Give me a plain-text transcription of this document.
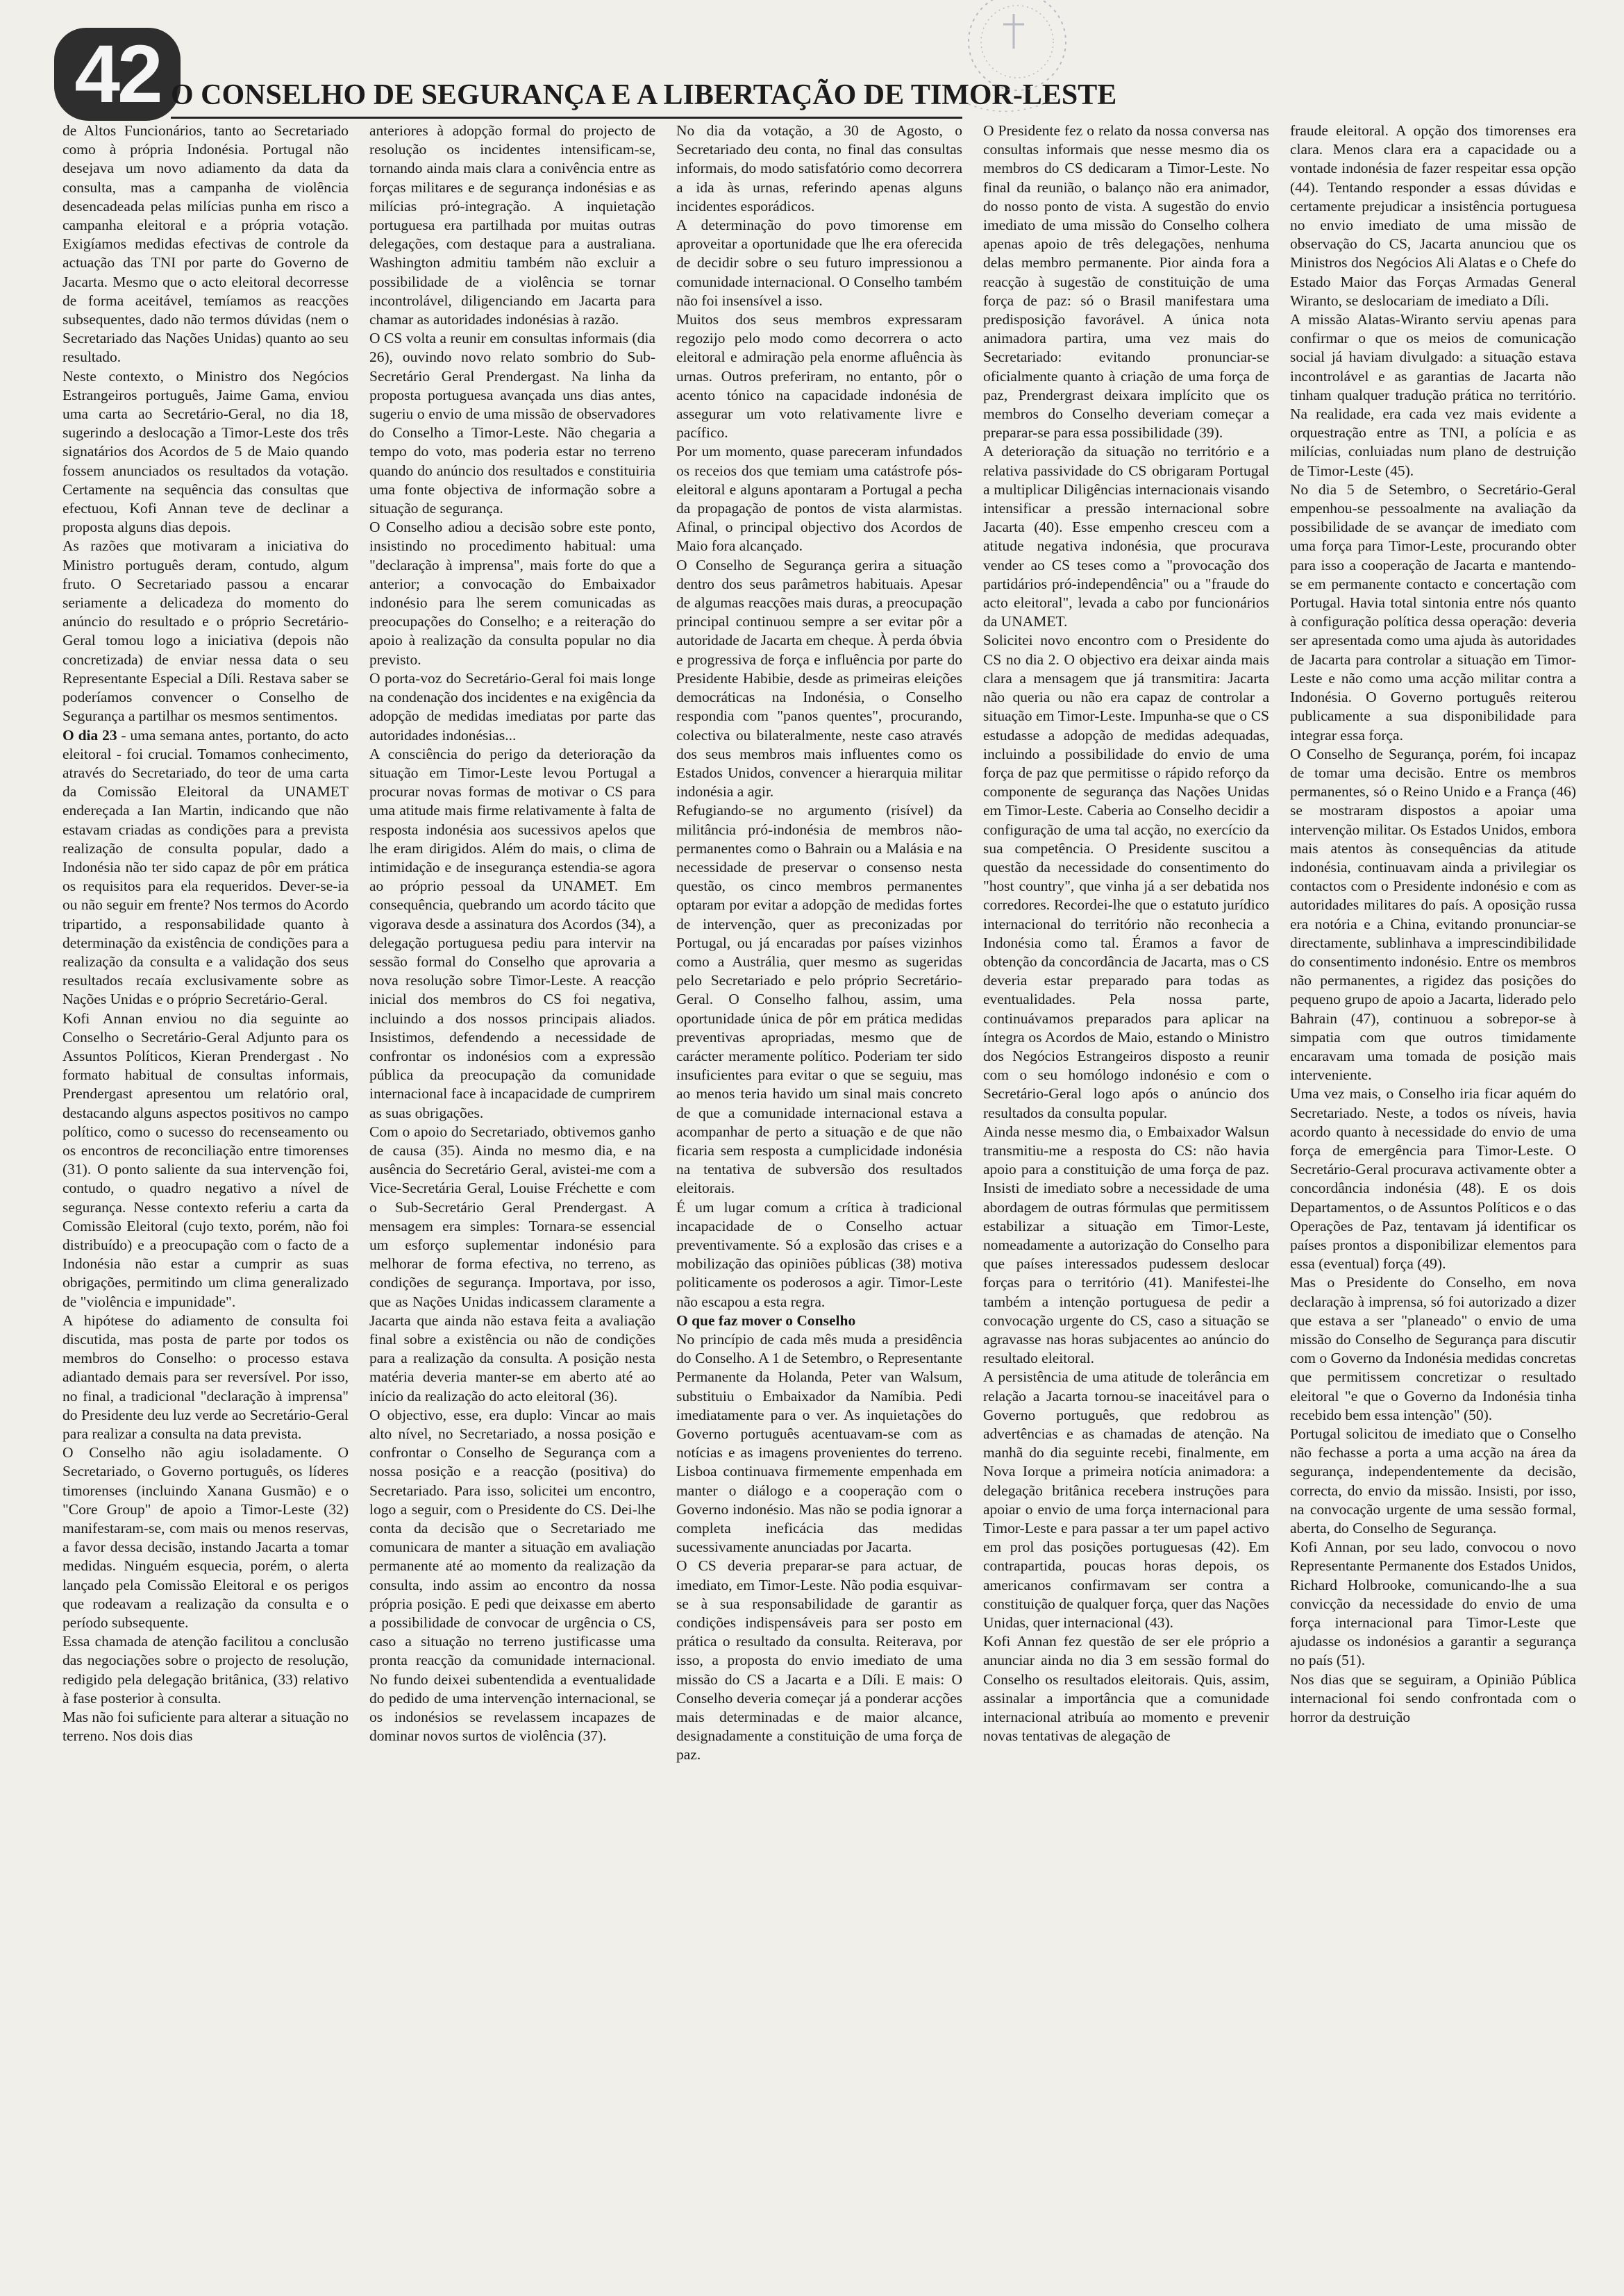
42 O CONSELHO DE SEGURANÇA E A LIBERTAÇÃO DE TIMOR-LESTE

de Altos Funcionários, tanto ao Secretariado como à própria Indonésia. Portugal não desejava um novo adiamento da data da consulta, mas a campanha de violência desencadeada pelas milícias punha em risco a campanha eleitoral e a própria votação. Exigíamos medidas efectivas de controle da actuação das TNI por parte do Governo de Jacarta. Mesmo que o acto eleitoral decorresse de forma aceitável, temíamos as reacções subsequentes, dado não termos dúvidas (nem o Secretariado das Nações Unidas) quanto ao seu resultado.

Neste contexto, o Ministro dos Negócios Estrangeiros português, Jaime Gama, enviou uma carta ao Secretário-Geral, no dia 18, sugerindo a deslocação a Timor-Leste dos três signatários dos Acordos de 5 de Maio quando fossem anunciados os resultados da votação. Certamente na sequência das consultas que efectuou, Kofi Annan teve de declinar a proposta alguns dias depois.

As razões que motivaram a iniciativa do Ministro português deram, contudo, algum fruto. O Secretariado passou a encarar seriamente a delicadeza do momento do anúncio do resultado e o próprio Secretário-Geral tomou logo a iniciativa (depois não concretizada) de enviar nessa data o seu Representante Especial a Díli. Restava saber se poderíamos convencer o Conselho de Segurança a partilhar os mesmos sentimentos.

O dia 23 - uma semana antes, portanto, do acto eleitoral - foi crucial. Tomamos conhecimento, através do Secretariado, do teor de uma carta da Comissão Eleitoral da UNAMET endereçada a Ian Martin, indicando que não estavam criadas as condições para a prevista realização de consulta popular, dado a Indonésia não ter sido capaz de pôr em prática os requisitos para ela requeridos. Dever-se-ia ou não seguir em frente? Nos termos do Acordo tripartido, a responsabilidade quanto à determinação da existência de condições para a realização da consulta e a validação dos seus resultados recaía exclusivamente sobre as Nações Unidas e o próprio Secretário-Geral.

Kofi Annan enviou no dia seguinte ao Conselho o Secretário-Geral Adjunto para os Assuntos Políticos, Kieran Prendergast . No formato habitual de consultas informais, Prendergast apresentou um relatório oral, destacando alguns aspectos positivos no campo político, como o sucesso do recenseamento ou os encontros de reconciliação entre timorenses (31). O ponto saliente da sua intervenção foi, contudo, o quadro negativo a nível de segurança. Nesse contexto referiu a carta da Comissão Eleitoral (cujo texto, porém, não foi distribuído) e a preocupação com o facto de a Indonésia não estar a cumprir as suas obrigações, permitindo um clima generalizado de "violência e impunidade".

A hipótese do adiamento de consulta foi discutida, mas posta de parte por todos os membros do Conselho: o processo estava adiantado demais para ser reversível. Por isso, no final, a tradicional "declaração à imprensa" do Presidente deu luz verde ao Secretário-Geral para realizar a consulta na data prevista.

O Conselho não agiu isoladamente. O Secretariado, o Governo português, os líderes timorenses (incluindo Xanana Gusmão) e o "Core Group" de apoio a Timor-Leste (32) manifestaram-se, com mais ou menos reservas, a favor dessa decisão, instando Jacarta a tomar medidas. Ninguém esquecia, porém, o alerta lançado pela Comissão Eleitoral e os perigos que rodeavam a realização da consulta e o período subsequente.

Essa chamada de atenção facilitou a conclusão das negociações sobre o projecto de resolução, redigido pela delegação britânica, (33) relativo à fase posterior à consulta.

Mas não foi suficiente para alterar a situação no terreno. Nos dois dias

anteriores à adopção formal do projecto de resolução os incidentes intensificam-se, tornando ainda mais clara a conivência entre as forças militares e de segurança indonésias e as milícias pró-integração. A inquietação portuguesa era partilhada por muitas outras delegações, com destaque para a australiana. Washington admitiu também não excluir a possibilidade de a violência se tornar incontrolável, diligenciando em Jacarta para chamar as autoridades indonésias à razão.

O CS volta a reunir em consultas informais (dia 26), ouvindo novo relato sombrio do Sub-Secretário Geral Prendergast. Na linha da proposta portuguesa avançada uns dias antes, sugeriu o envio de uma missão de observadores do Conselho a Timor-Leste. Não chegaria a tempo do voto, mas poderia estar no terreno quando do anúncio dos resultados e constituiria uma fonte objectiva de informação sobre a situação de segurança.

O Conselho adiou a decisão sobre este ponto, insistindo no procedimento habitual: uma "declaração à imprensa", mais forte do que a anterior; a convocação do Embaixador indonésio para lhe serem comunicadas as preocupações do Conselho; e a reiteração do apoio à realização da consulta popular no dia previsto.

O porta-voz do Secretário-Geral foi mais longe na condenação dos incidentes e na exigência da adopção de medidas imediatas por parte das autoridades indonésias...

A consciência do perigo da deterioração da situação em Timor-Leste levou Portugal a procurar novas formas de motivar o CS para uma atitude mais firme relativamente à falta de resposta indonésia aos sucessivos apelos que lhe eram dirigidos. Além do mais, o clima de intimidação e de insegurança estendia-se agora ao próprio pessoal da UNAMET. Em consequência, quebrando um acordo tácito que vigorava desde a assinatura dos Acordos (34), a delegação portuguesa pediu para intervir na sessão formal do Conselho que aprovaria a nova resolução sobre Timor-Leste. A reacção inicial dos membros do CS foi negativa, incluindo a dos nossos principais aliados. Insistimos, defendendo a necessidade de confrontar os indonésios com a expressão pública da preocupação da comunidade internacional face à incapacidade de cumprirem as suas obrigações.

Com o apoio do Secretariado, obtivemos ganho de causa (35). Ainda no mesmo dia, e na ausência do Secretário Geral, avistei-me com a Vice-Secretária Geral, Louise Fréchette e com o Sub-Secretário Geral Prendergast. A mensagem era simples: Tornara-se essencial um esforço suplementar indonésio para melhorar de forma efectiva, no terreno, as condições de segurança. Importava, por isso, que as Nações Unidas indicassem claramente a Jacarta que ainda não estava feita a avaliação final sobre a existência ou não de condições para a realização da consulta. A posição nesta matéria deveria manter-se em aberto até ao início da realização do acto eleitoral (36).

O objectivo, esse, era duplo: Vincar ao mais alto nível, no Secretariado, a nossa posição e confrontar o Conselho de Segurança com a nossa posição e a reacção (positiva) do Secretariado. Para isso, solicitei um encontro, logo a seguir, com o Presidente do CS. Dei-lhe conta da decisão que o Secretariado me comunicara de manter a situação em avaliação permanente até ao momento da realização da consulta, indo assim ao encontro da nossa própria posição. E pedi que deixasse em aberto a possibilidade de convocar de urgência o CS, caso a situação no terreno justificasse uma pronta reacção da comunidade internacional. No fundo deixei subentendida a eventualidade do pedido de uma intervenção internacional, se os indonésios se revelassem incapazes de dominar novos surtos de violência (37).

No dia da votação, a 30 de Agosto, o Secretariado deu conta, no final das consultas informais, do modo satisfatório como decorrera a ida às urnas, referindo apenas alguns incidentes esporádicos.

A determinação do povo timorense em aproveitar a oportunidade que lhe era oferecida de decidir sobre o seu futuro impressionou a comunidade internacional. O Conselho também não foi insensível a isso.

Muitos dos seus membros expressaram regozijo pelo modo como decorrera o acto eleitoral e admiração pela enorme afluência às urnas. Outros preferiram, no entanto, pôr o acento tónico na capacidade indonésia de assegurar um voto relativamente livre e pacífico.

Por um momento, quase pareceram infundados os receios dos que temiam uma catástrofe pós-eleitoral e alguns apontaram a Portugal a pecha da propagação de pontos de vista alarmistas. Afinal, o principal objectivo dos Acordos de Maio fora alcançado.

O Conselho de Segurança gerira a situação dentro dos seus parâmetros habituais. Apesar de algumas reacções mais duras, a preocupação principal continuou sempre a ser evitar pôr a autoridade de Jacarta em cheque. À perda óbvia e progressiva de força e influência por parte do Presidente Habibie, desde as primeiras eleições democráticas na Indonésia, o Conselho respondia com "panos quentes", procurando, colectiva ou bilateralmente, neste caso através dos seus membros mais influentes como os Estados Unidos, convencer a hierarquia militar indonésia a agir.

Refugiando-se no argumento (risível) da militância pró-indonésia de membros não-permanentes como o Bahrain ou a Malásia e na necessidade de preservar o consenso nesta questão, os cinco membros permanentes optaram por evitar a adopção de medidas fortes de intervenção, quer as preconizadas por Portugal, ou já encaradas por países vizinhos como a Austrália, quer mesmo as sugeridas pelo Secretariado e pelo próprio Secretário-Geral. O Conselho falhou, assim, uma oportunidade única de pôr em prática medidas preventivas apropriadas, mesmo que de carácter meramente político. Poderiam ter sido insuficientes para evitar o que se seguiu, mas ao menos teria havido um sinal mais concreto de que a comunidade internacional estava a acompanhar de perto a situação e de que não ficaria sem resposta a cumplicidade indonésia na tentativa de subversão dos resultados eleitorais.

É um lugar comum a crítica à tradicional incapacidade de o Conselho actuar preventivamente. Só a explosão das crises e a mobilização das opiniões públicas (38) motiva politicamente os poderosos a agir. Timor-Leste não escapou a esta regra.

O que faz mover o Conselho

No princípio de cada mês muda a presidência do Conselho. A 1 de Setembro, o Representante Permanente da Holanda, Peter van Walsum, substituiu o Embaixador da Namíbia. Pedi imediatamente para o ver. As inquietações do Governo português acentuavam-se com as notícias e as imagens provenientes do terreno. Lisboa continuava firmemente empenhada em manter o diálogo e a cooperação com o Governo indonésio. Mas não se podia ignorar a completa ineficácia das medidas sucessivamente anunciadas por Jacarta.

O CS deveria preparar-se para actuar, de imediato, em Timor-Leste. Não podia esquivar-se à sua responsabilidade de garantir as condições indispensáveis para ser posto em prática o resultado da consulta. Reiterava, por isso, a proposta do envio imediato de uma missão do CS a Jacarta e a Díli. E mais: O Conselho deveria começar já a ponderar acções mais determinadas e de maior alcance, designadamente a constituição de uma força de paz.

O Presidente fez o relato da nossa conversa nas consultas informais que nesse mesmo dia os membros do CS dedicaram a Timor-Leste. No final da reunião, o balanço não era animador, do nosso ponto de vista. A sugestão do envio imediato de uma missão do Conselho colhera apenas apoio de três delegações, nenhuma delas membro permanente. Pior ainda fora a reacção à sugestão de constituição de uma força de paz: só o Brasil manifestara uma predisposição favorável. A única nota animadora partira, uma vez mais do Secretariado: evitando pronunciar-se oficialmente quanto à criação de uma força de paz, Prendergrast deixara implícito que os membros do Conselho deveriam começar a preparar-se para essa possibilidade (39).

A deterioração da situação no território e a relativa passividade do CS obrigaram Portugal a multiplicar Diligências internacionais visando intensificar a pressão internacional sobre Jacarta (40). Esse empenho cresceu com a atitude negativa indonésia, que procurava vender ao CS teses como a "provocação dos partidários pró-independência" ou a "fraude do acto eleitoral", levada a cabo por funcionários da UNAMET.

Solicitei novo encontro com o Presidente do CS no dia 2. O objectivo era deixar ainda mais clara a mensagem que já transmitira: Jacarta não queria ou não era capaz de controlar a situação em Timor-Leste. Impunha-se que o CS estudasse a adopção de medidas adequadas, incluindo a possibilidade do envio de uma força de paz que permitisse o rápido reforço da componente de segurança das Nações Unidas em Timor-Leste. Caberia ao Conselho decidir a configuração de uma tal acção, no exercício da sua competência. O Presidente suscitou a questão da necessidade do consentimento do "host country", que vinha já a ser debatida nos corredores. Recordei-lhe que o estatuto jurídico internacional do território não reconhecia a Indonésia como tal. Éramos a favor de obtenção da concordância de Jacarta, mas o CS deveria estar preparado para todas as eventualidades. Pela nossa parte, continuávamos preparados para aplicar na íntegra os Acordos de Maio, estando o Ministro dos Negócios Estrangeiros disposto a reunir com o seu homólogo indonésio e com o Secretário-Geral logo após o anúncio dos resultados da consulta popular.

Ainda nesse mesmo dia, o Embaixador Walsun transmitiu-me a resposta do CS: não havia apoio para a constituição de uma força de paz. Insisti de imediato sobre a necessidade de uma abordagem de outras fórmulas que permitissem estabilizar a situação em Timor-Leste, nomeadamente a autorização do Conselho para que países interessados pudessem deslocar forças para o território (41). Manifestei-lhe também a intenção portuguesa de pedir a convocação urgente do CS, caso a situação se agravasse nas horas subjacentes ao anúncio do resultado eleitoral.

A persistência de uma atitude de tolerância em relação a Jacarta tornou-se inaceitável para o Governo português, que redobrou as advertências e as chamadas de atenção. Na manhã do dia seguinte recebi, finalmente, em Nova Iorque a primeira notícia animadora: a delegação britânica recebera instruções para apoiar o envio de uma força internacional para Timor-Leste e para passar a ter um papel activo em prol das posições portuguesas (42). Em contrapartida, poucas horas depois, os americanos confirmavam ser contra a constituição de qualquer força, quer das Nações Unidas, quer internacional (43).

Kofi Annan fez questão de ser ele próprio a anunciar ainda no dia 3 em sessão formal do Conselho os resultados eleitorais. Quis, assim, assinalar a importância que a comunidade internacional atribuía ao momento e prevenir novas tentativas de alegação de

fraude eleitoral. A opção dos timorenses era clara. Menos clara era a capacidade ou a vontade indonésia de fazer respeitar essa opção (44). Tentando responder a essas dúvidas e certamente prejudicar a insistência portuguesa no envio imediato de uma missão de observação do CS, Jacarta anunciou que os Ministros dos Negócios Ali Alatas e o Chefe do Estado Maior das Forças Armadas General Wiranto, se deslocariam de imediato a Díli.

A missão Alatas-Wiranto serviu apenas para confirmar o que os meios de comunicação social já haviam divulgado: a situação estava incontrolável e as garantias de Jacarta não tinham qualquer tradução prática no território. Na realidade, era cada vez mais evidente a orquestração entre as TNI, a polícia e as milícias, conluiadas num plano de destruição de Timor-Leste (45).

No dia 5 de Setembro, o Secretário-Geral empenhou-se pessoalmente na avaliação da possibilidade de se avançar de imediato com uma força para Timor-Leste, procurando obter para isso a cooperação de Jacarta e mantendo-se em permanente contacto e concertação com Portugal. Havia total sintonia entre nós quanto à configuração política dessa operação: deveria ser apresentada como uma ajuda às autoridades de Jacarta para controlar a situação em Timor-Leste e não como uma acção militar contra a Indonésia. O Governo português reiterou publicamente a sua disponibilidade para integrar essa força.

O Conselho de Segurança, porém, foi incapaz de tomar uma decisão. Entre os membros permanentes, só o Reino Unido e a França (46) se mostraram dispostos a apoiar uma intervenção militar. Os Estados Unidos, embora mais atentos às consequências da atitude indonésia, continuavam ainda a privilegiar os contactos com o Presidente indonésio e com as autoridades militares do país. A oposição russa era notória e a China, evitando pronunciar-se directamente, sublinhava a imprescindibilidade do consentimento indonésio. Entre os membros não permanentes, a rigidez das posições do pequeno grupo de apoio a Jacarta, liderado pelo Bahrain (47), continuou a sobrepor-se à simpatia com que outros timidamente encaravam uma tomada de posição mais interveniente.

Uma vez mais, o Conselho iria ficar aquém do Secretariado. Neste, a todos os níveis, havia acordo quanto à necessidade do envio de uma força de emergência para Timor-Leste. O Secretário-Geral procurava activamente obter a concordância indonésia (48). E os dois Departamentos, o de Assuntos Políticos e o das Operações de Paz, tentavam já identificar os países prontos a disponibilizar elementos para essa (eventual) força (49).

Mas o Presidente do Conselho, em nova declaração à imprensa, só foi autorizado a dizer que estava a ser "planeado" o envio de uma missão do Conselho de Segurança para discutir com o Governo da Indonésia medidas concretas que permitissem concretizar o resultado eleitoral "e que o Governo da Indonésia tinha recebido bem essa intenção" (50).

Portugal solicitou de imediato que o Conselho não fechasse a porta a uma acção na área da segurança, independentemente da decisão, correcta, do envio da missão. Insisti, por isso, na convocação urgente de uma sessão formal, aberta, do Conselho de Segurança.

Kofi Annan, por seu lado, convocou o novo Representante Permanente dos Estados Unidos, Richard Holbrooke, comunicando-lhe a sua convicção da necessidade do envio de uma força internacional para Timor-Leste que ajudasse os indonésios a garantir a segurança no país (51).

Nos dias que se seguiram, a Opinião Pública internacional foi sendo confrontada com o horror da destruição
